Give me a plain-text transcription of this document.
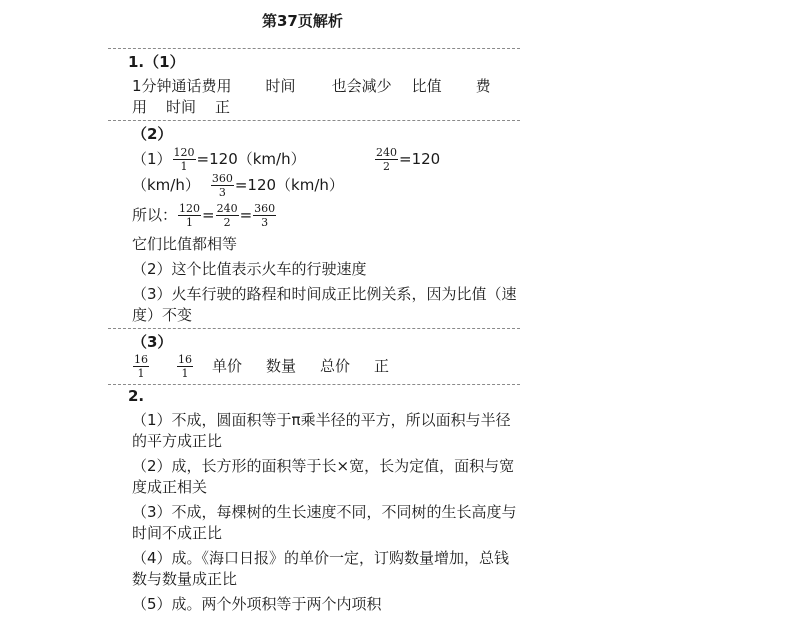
第37页解析
1.（1）
1分钟通话费用 时间 也会减少 比值 费
用 时间 正
（2）
$(1) \frac{120}{1} =120(km/h)$	$\frac{240}{2} =120$
$(km/h) \frac{360}{3} =120(km/h)$
所以： $\frac{120}{1} = \frac{240}{2} = \frac{360}{3}$
它们比值都相等
（2）这个比值表示火车的行驶速度
（3）火车行驶的路程和时间成正比例关系，因为比值（速度）不变
（3）
$\frac{16}{1}$	$\frac{16}{1}$ 单价 数量 总价 正
2.
（1）不成，圆面积等于π乘半径的平方，所以面积与半径的平方成正比
（2）成，长方形的面积等于长×宽，长为定值，面积与宽度成正相关
（3）不成，每棵树的生长速度不同，不同树的生长高度与时间不成正比
（4）成。《海口日报》的单价一定，订购数量增加，总钱数与数量成正比
（5）成。两个外项积等于两个内项积
